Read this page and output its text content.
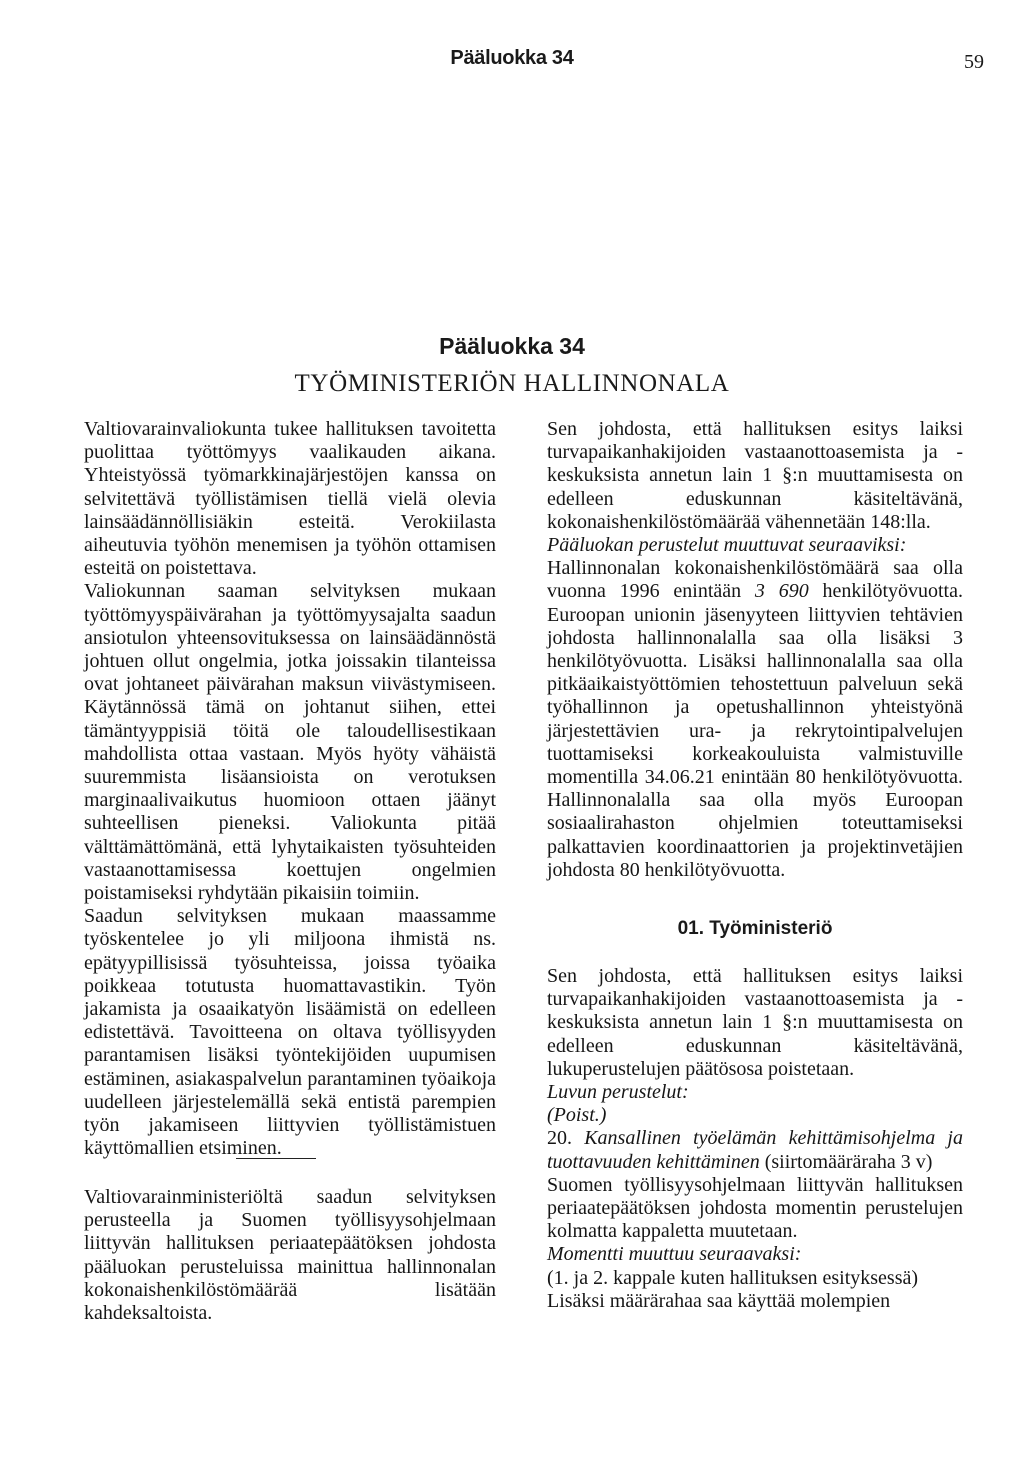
Pääluokka 34	59
Pääluokka 34
TYÖMINISTERIÖN HALLINNONALA

Valtiovarainvaliokunta tukee hallituksen tavoitetta puolittaa työttömyys vaalikauden aikana. Yhteistyössä työmarkkinajärjestöjen kanssa on selvitettävä työllistämisen tiellä vielä olevia lainsäädännöllisiäkin esteitä. Verokiilasta aiheutuvia työhön menemisen ja työhön ottamisen esteitä on poistettava.

Valiokunnan saaman selvityksen mukaan työttömyyspäivärahan ja työttömyysajalta saadun ansiotulon yhteensovituksessa on lainsäädännöstä johtuen ollut ongelmia, jotka joissakin tilanteissa ovat johtaneet päivärahan maksun viivästymiseen. Käytännössä tämä on johtanut siihen, ettei tämäntyyppisiä töitä ole taloudellisestikaan mahdollista ottaa vastaan. Myös hyöty vähäistä suuremmista lisäansioista on verotuksen marginaalivaikutus huomioon ottaen jäänyt suhteellisen pieneksi. Valiokunta pitää välttämättömänä, että lyhytaikaisten työsuhteiden vastaanottamisessa koettujen ongelmien poistamiseksi ryhdytään pikaisiin toimiin.

Saadun selvityksen mukaan maassamme työskentelee jo yli miljoona ihmistä ns. epätyypillisissä työsuhteissa, joissa työaika poikkeaa totutusta huomattavastikin. Työn jakamista ja osaaikatyön lisäämistä on edelleen edistettävä. Tavoitteena on oltava työllisyyden parantamisen lisäksi työntekijöiden uupumisen estäminen, asiakaspalvelun parantaminen työaikoja uudelleen järjestelemällä sekä entistä parempien työn jakamiseen liittyvien työllistämistuen käyttömallien etsiminen.

Valtiovarainministeriöltä saadun selvityksen perusteella ja Suomen työllisyysohjelmaan liittyvän hallituksen periaatepäätöksen johdosta pääluokan perusteluissa mainittua hallinnonalan kokonaishenkilöstömäärää lisätään kahdeksaltoista.

Sen johdosta, että hallituksen esitys laiksi turvapaikanhakijoiden vastaanottoasemista ja -keskuksista annetun lain 1 §:n muuttamisesta on edelleen eduskunnan käsiteltävänä, kokonaishenkilöstömäärää vähennetään 148:lla.

Pääluokan perustelut muuttuvat seuraaviksi:

Hallinnonalan kokonaishenkilöstömäärä saa olla vuonna 1996 enintään 3 690 henkilötyövuotta. Euroopan unionin jäsenyyteen liittyvien tehtävien johdosta hallinnonalalla saa olla lisäksi 3 henkilötyövuotta. Lisäksi hallinnonalalla saa olla pitkäaikaistyöttömien tehostettuun palveluun sekä työhallinnon ja opetushallinnon yhteistyönä järjestettävien ura- ja rekrytointipalvelujen tuottamiseksi korkeakouluista valmistuville momentilla 34.06.21 enintään 80 henkilötyövuotta. Hallinnonalalla saa olla myös Euroopan sosiaalirahaston ohjelmien toteuttamiseksi palkattavien koordinaattorien ja projektinvetäjien johdosta 80 henkilötyövuotta.

01. Työministeriö

Sen johdosta, että hallituksen esitys laiksi turvapaikanhakijoiden vastaanottoasemista ja -keskuksista annetun lain 1 §:n muuttamisesta on edelleen eduskunnan käsiteltävänä, lukuperustelujen päätösosa poistetaan.

Luvun perustelut:

(Poist.)

20. Kansallinen työelämän kehittämisohjelma ja tuottavuuden kehittäminen (siirtomääräraha 3 v)

Suomen työllisyysohjelmaan liittyvän hallituksen periaatepäätöksen johdosta momentin perustelujen kolmatta kappaletta muutetaan.

Momentti muuttuu seuraavaksi:

(1. ja 2. kappale kuten hallituksen esityksessä)

Lisäksi määrärahaa saa käyttää molempien
